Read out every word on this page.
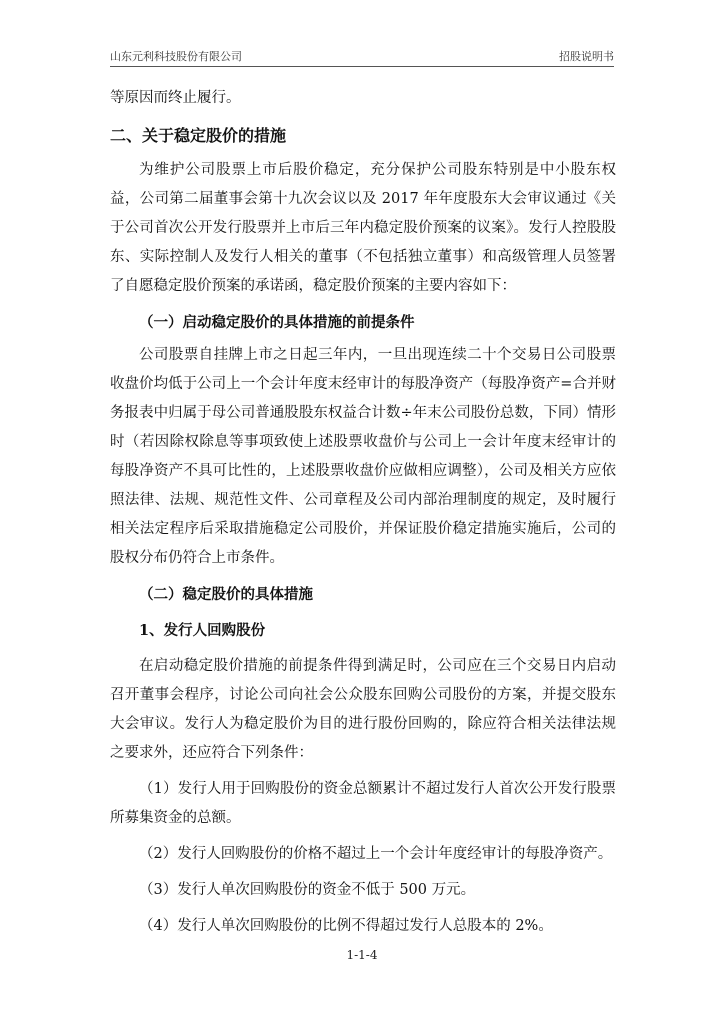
山东元利科技股份有限公司	招股说明书

等原因而终止履行。

二、关于稳定股价的措施

为维护公司股票上市后股价稳定，充分保护公司股东特别是中小股东权益，公司第二届董事会第十九次会议以及 2017 年年度股东大会审议通过《关于公司首次公开发行股票并上市后三年内稳定股价预案的议案》。发行人控股股东、实际控制人及发行人相关的董事（不包括独立董事）和高级管理人员签署了自愿稳定股价预案的承诺函，稳定股价预案的主要内容如下：

（一）启动稳定股价的具体措施的前提条件

公司股票自挂牌上市之日起三年内，一旦出现连续二十个交易日公司股票收盘价均低于公司上一个会计年度末经审计的每股净资产（每股净资产=合并财务报表中归属于母公司普通股股东权益合计数÷年末公司股份总数，下同）情形时（若因除权除息等事项致使上述股票收盘价与公司上一会计年度末经审计的每股净资产不具可比性的，上述股票收盘价应做相应调整），公司及相关方应依照法律、法规、规范性文件、公司章程及公司内部治理制度的规定，及时履行相关法定程序后采取措施稳定公司股价，并保证股价稳定措施实施后，公司的股权分布仍符合上市条件。

（二）稳定股价的具体措施

1、发行人回购股份

在启动稳定股价措施的前提条件得到满足时，公司应在三个交易日内启动召开董事会程序，讨论公司向社会公众股东回购公司股份的方案，并提交股东大会审议。发行人为稳定股价为目的进行股份回购的，除应符合相关法律法规之要求外，还应符合下列条件：

（1）发行人用于回购股份的资金总额累计不超过发行人首次公开发行股票所募集资金的总额。

（2）发行人回购股份的价格不超过上一个会计年度经审计的每股净资产。

（3）发行人单次回购股份的资金不低于 500 万元。

（4）发行人单次回购股份的比例不得超过发行人总股本的 2%。

1-1-4
